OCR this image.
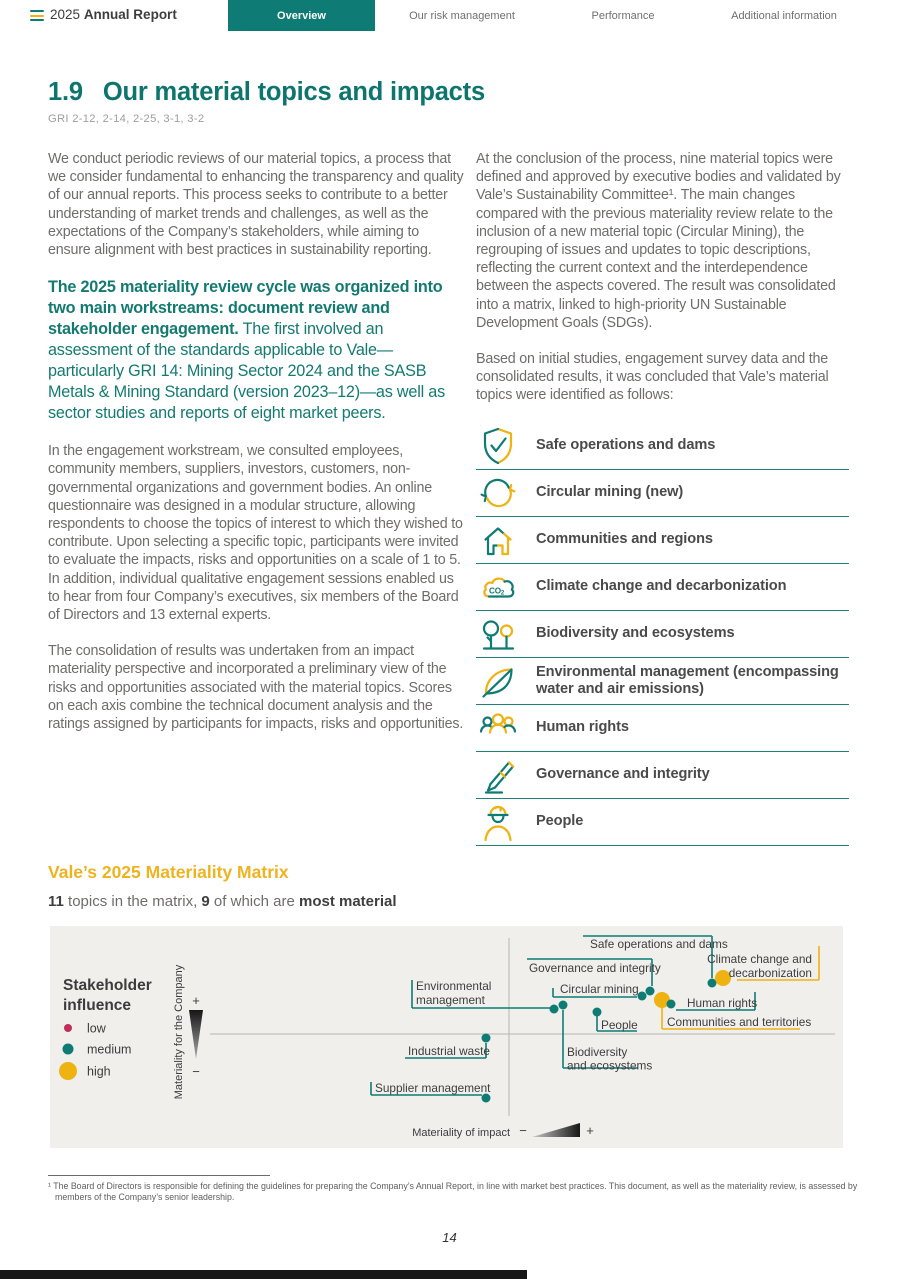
2025 Annual Report	Overview	Our risk management	Performance	Additional information
1.9 Our material topics and impacts
GRI 2-12, 2-14, 2-25, 3-1, 3-2

We conduct periodic reviews of our material topics, a process that we consider fundamental to enhancing the transparency and quality of our annual reports. This process seeks to contribute to a better understanding of market trends and challenges, as well as the expectations of the Company’s stakeholders, while aiming to ensure alignment with best practices in sustainability reporting.

The 2025 materiality review cycle was organized into two main workstreams: document review and stakeholder engagement. The first involved an assessment of the standards applicable to Vale—particularly GRI 14: Mining Sector 2024 and the SASB Metals & Mining Standard (version 2023–12)—as well as sector studies and reports of eight market peers.

In the engagement workstream, we consulted employees, community members, suppliers, investors, customers, non-governmental organizations and government bodies. An online questionnaire was designed in a modular structure, allowing respondents to choose the topics of interest to which they wished to contribute. Upon selecting a specific topic, participants were invited to evaluate the impacts, risks and opportunities on a scale of 1 to 5. In addition, individual qualitative engagement sessions enabled us to hear from four Company’s executives, six members of the Board of Directors and 13 external experts.

The consolidation of results was undertaken from an impact materiality perspective and incorporated a preliminary view of the risks and opportunities associated with the material topics. Scores on each axis combine the technical document analysis and the ratings assigned by participants for impacts, risks and opportunities.

At the conclusion of the process, nine material topics were defined and approved by executive bodies and validated by Vale’s Sustainability Committee¹. The main changes compared with the previous materiality review relate to the inclusion of a new material topic (Circular Mining), the regrouping of issues and updates to topic descriptions, reflecting the current context and the interdependence between the aspects covered. The result was consolidated into a matrix, linked to high-priority UN Sustainable Development Goals (SDGs).

Based on initial studies, engagement survey data and the consolidated results, it was concluded that Vale’s material topics were identified as follows:

Safe operations and dams
Circular mining (new)
Communities and regions
CO2 Climate change and decarbonization
Biodiversity and ecosystems
Environmental management (encompassing water and air emissions)
Human rights
Governance and integrity
People
Vale’s 2025 Materiality Matrix
11 topics in the matrix, 9 of which are most material
Stakeholder
influence
low
medium
high	Materiality for the Company +
−
Materiality of impact −	+
Safe operations and dams
Climate change and
decarbonization
Governance and integrity
Circular mining
Communities and territories
Human rights
People
Environmental
management
Biodiversity
and ecosystems
Industrial waste
Supplier management
¹ The Board of Directors is responsible for defining the guidelines for preparing the Company’s Annual Report, in line with market best practices. This document, as well as the materiality review, is assessed by members of the Company’s senior leadership.
14
